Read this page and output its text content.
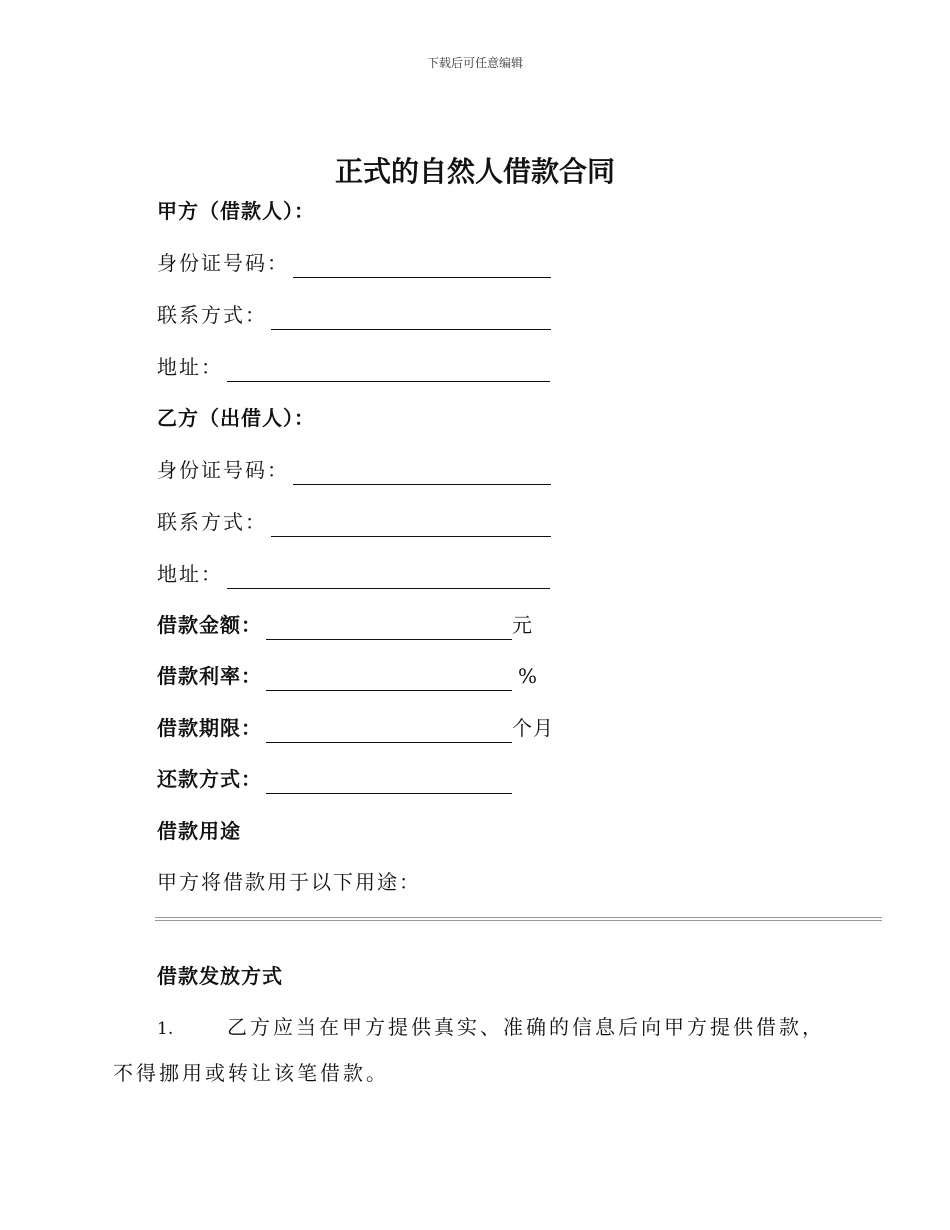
下载后可任意编辑
正式的自然人借款合同
甲方（借款人）：
身份证号码：
联系方式：
地址：
乙方（出借人）：
身份证号码：
联系方式：
地址：
借款金额：	元
借款利率：	%
借款期限：	个月
还款方式：
借款用途
甲方将借款用于以下用途：
借款发放方式
1.	乙方应当在甲方提供真实、准确的信息后向甲方提供借款，不得挪用或转让该笔借款。
